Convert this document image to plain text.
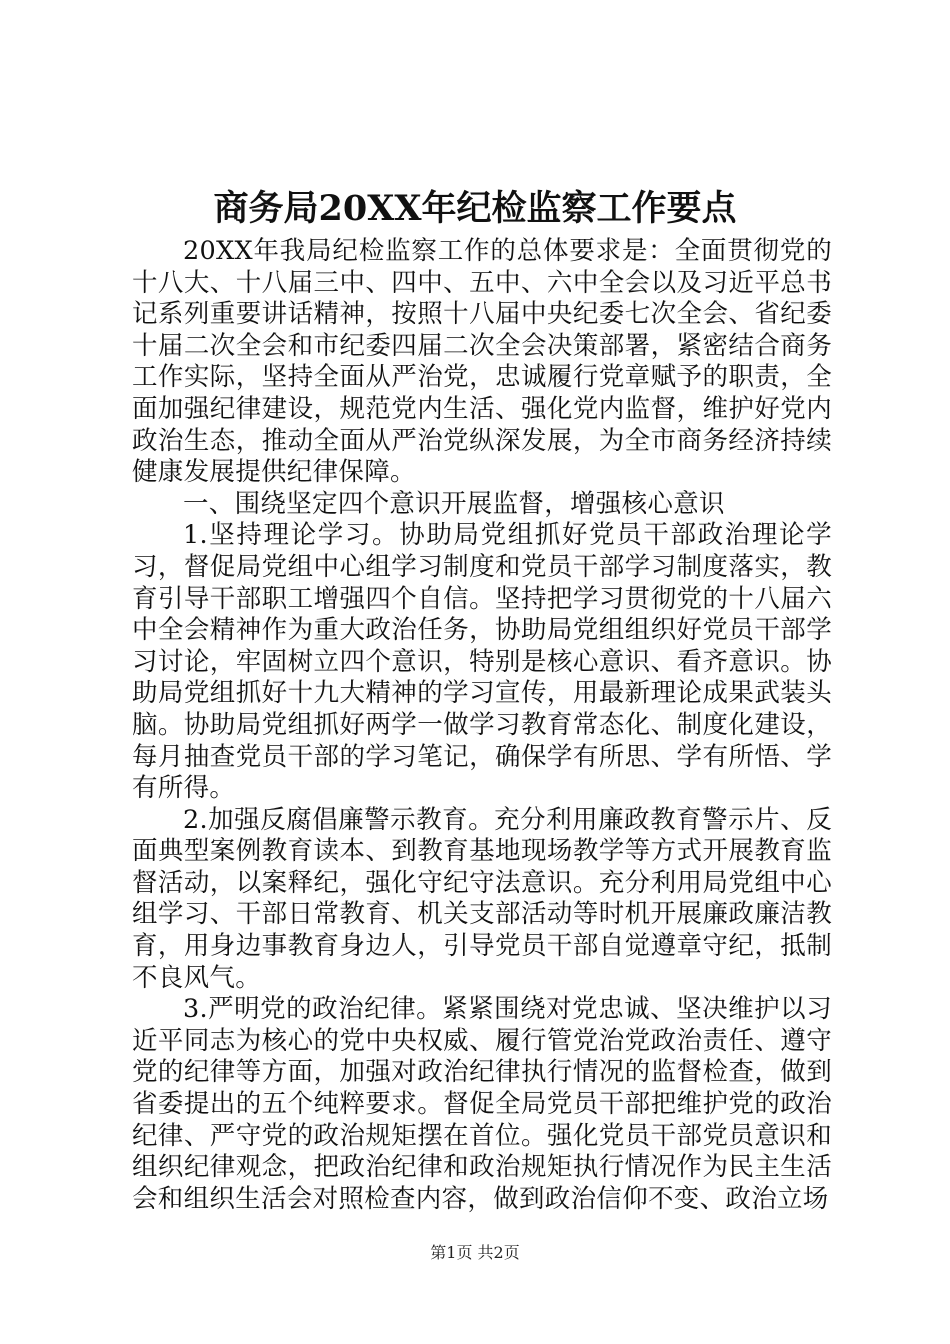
商务局20XX年纪检监察工作要点

20XX年我局纪检监察工作的总体要求是：全面贯彻党的十八大、十八届三中、四中、五中、六中全会以及习近平总书记系列重要讲话精神，按照十八届中央纪委七次全会、省纪委十届二次全会和市纪委四届二次全会决策部署，紧密结合商务工作实际，坚持全面从严治党，忠诚履行党章赋予的职责，全面加强纪律建设，规范党内生活、强化党内监督，维护好党内政治生态，推动全面从严治党纵深发展，为全市商务经济持续健康发展提供纪律保障。

一、围绕坚定四个意识开展监督，增强核心意识

1.坚持理论学习。协助局党组抓好党员干部政治理论学习，督促局党组中心组学习制度和党员干部学习制度落实，教育引导干部职工增强四个自信。坚持把学习贯彻党的十八届六中全会精神作为重大政治任务，协助局党组组织好党员干部学习讨论，牢固树立四个意识，特别是核心意识、看齐意识。协助局党组抓好十九大精神的学习宣传，用最新理论成果武装头脑。协助局党组抓好两学一做学习教育常态化、制度化建设，每月抽查党员干部的学习笔记，确保学有所思、学有所悟、学有所得。

2.加强反腐倡廉警示教育。充分利用廉政教育警示片、反面典型案例教育读本、到教育基地现场教学等方式开展教育监督活动，以案释纪，强化守纪守法意识。充分利用局党组中心组学习、干部日常教育、机关支部活动等时机开展廉政廉洁教育，用身边事教育身边人，引导党员干部自觉遵章守纪，抵制不良风气。

3.严明党的政治纪律。紧紧围绕对党忠诚、坚决维护以习近平同志为核心的党中央权威、履行管党治党政治责任、遵守党的纪律等方面，加强对政治纪律执行情况的监督检查，做到省委提出的五个纯粹要求。督促全局党员干部把维护党的政治纪律、严守党的政治规矩摆在首位。强化党员干部党员意识和组织纪律观念，把政治纪律和政治规矩执行情况作为民主生活会和组织生活会对照检查内容，做到政治信仰不变、政治立场

第1页 共2页
